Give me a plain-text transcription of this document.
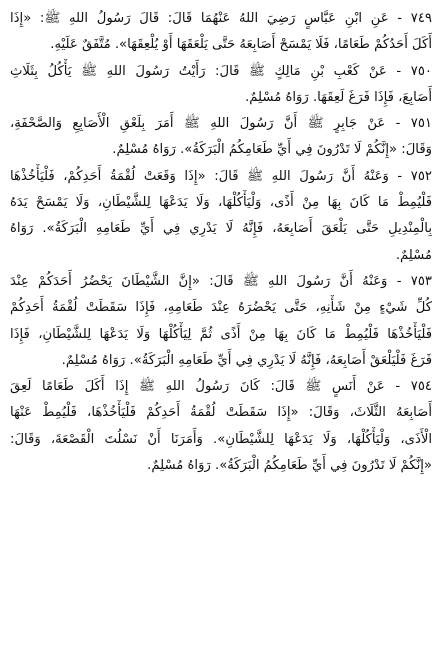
٧٤٩ - عَنِ ابْنِ عَبَّاسٍ رَضِيَ اللهُ عَنْهُمَا قَالَ: قَالَ رَسُولُ اللهِ ﷺ: «إِذَا
أَكَلَ أَحَدُكُمْ طَعَامًا، فَلَا يَمْسَحْ أَصَابِعَهُ حَتَّى يَلْعَقَهَا أَوْ يُلْعِقَهَا». مُتَّفَقٌ عَلَيْهِ.
٧٥٠ - عَنْ كَعْبِ بْنِ مَالِكٍ ﷺ قَالَ: رَأَيْتُ رَسُولَ اللهِ ﷺ يَأْكُلُ بِثَلَاثِ
أَصَابِعَ، فَإِذَا فَرَغَ لَعِقَهَا. رَوَاهُ مُسْلِمٌ.
٧٥١ - عَنْ جَابِرٍ ﷺ أَنَّ رَسُولَ اللهِ ﷺ أَمَرَ بِلَعْقِ الْأَصَابِعِ وَالصَّحْفَةِ،
وَقَالَ: «إِنَّكُمْ لَا تَدْرُونَ فِي أَيِّ طَعَامِكُمُ الْبَرَكَةُ». رَوَاهُ مُسْلِمٌ.
٧٥٢ - وَعَنْهُ أَنَّ رَسُولَ اللهِ ﷺ قَالَ: «إِذَا وَقَعَتْ لُقْمَةُ أَحَدِكُمْ، فَلْيَأْخُذْهَا
فَلْيُمِطْ مَا كَانَ بِهَا مِنْ أَذًى، وَلْيَأْكُلْهَا، وَلَا يَدَعْهَا لِلشَّيْطَانِ، وَلَا يَمْسَحْ يَدَهُ
بِالْمِنْدِيلِ حَتَّى يَلْعَقَ أَصَابِعَهُ، فَإِنَّهُ لَا يَدْرِي فِي أَيِّ طَعَامِهِ الْبَرَكَةُ». رَوَاهُ
مُسْلِمٌ.
٧٥٣ - وَعَنْهُ أَنَّ رَسُولَ اللهِ ﷺ قَالَ: «إِنَّ الشَّيْطَانَ يَحْضُرُ أَحَدَكُمْ عِنْدَ
كُلِّ شَيْءٍ مِنْ شَأْنِهِ، حَتَّى يَحْضُرَهُ عِنْدَ طَعَامِهِ، فَإِذَا سَقَطَتْ لُقْمَةُ أَحَدِكُمْ
فَلْيَأْخُذْهَا فَلْيُمِطْ مَا كَانَ بِهَا مِنْ أَذًى ثُمَّ لِيَأْكُلْهَا وَلَا يَدَعْهَا لِلشَّيْطَانِ، فَإِذَا
فَرَغَ فَلْيَلْعَقْ أَصَابِعَهُ، فَإِنَّهُ لَا يَدْرِي فِي أَيِّ طَعَامِهِ الْبَرَكَةُ». رَوَاهُ مُسْلِمٌ.
٧٥٤ - عَنْ أَنَسٍ ﷺ قَالَ: كَانَ رَسُولُ اللهِ ﷺ إِذَا أَكَلَ طَعَامًا لَعِقَ
أَصَابِعَهُ الثَّلَاثَ، وَقَالَ: «إِذَا سَقَطَتْ لُقْمَةُ أَحَدِكُمْ فَلْيَأْخُذْهَا، فَلْيُمِطْ عَنْهَا
الْأَذَى، وَلْيَأْكُلْهَا، وَلَا يَدَعْهَا لِلشَّيْطَانِ». وَأَمَرَنَا أَنْ نَسْلُتَ الْقَصْعَةَ، وَقَالَ:
«إِنَّكُمْ لَا تَدْرُونَ فِي أَيِّ طَعَامِكُمُ الْبَرَكَةُ». رَوَاهُ مُسْلِمٌ.
